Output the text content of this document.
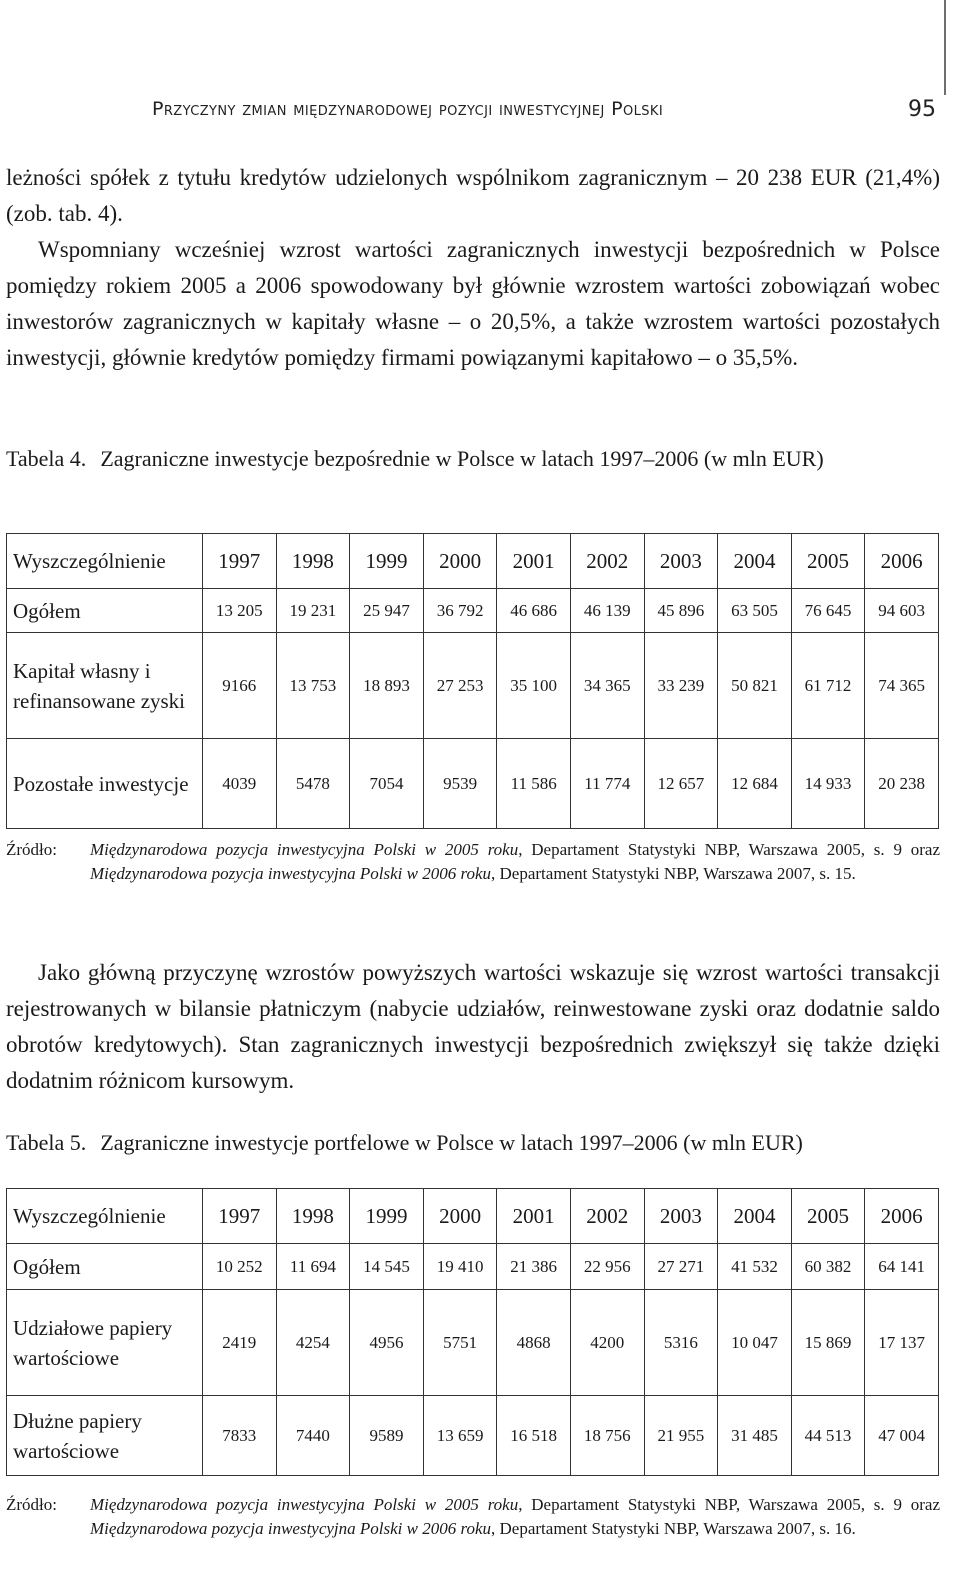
Przyczyny zmian międzynarodowej pozycji inwestycyjnej Polski	95

leżności spółek z tytułu kredytów udzielonych wspólnikom zagranicznym – 20 238 EUR (21,4%) (zob. tab. 4).

Wspomniany wcześniej wzrost wartości zagranicznych inwestycji bezpośrednich w Polsce pomiędzy rokiem 2005 a 2006 spowodowany był głównie wzrostem wartości zobowiązań wobec inwestorów zagranicznych w kapitały własne – o 20,5%, a także wzrostem wartości pozostałych inwestycji, głównie kredytów pomiędzy firmami powiązanymi kapitałowo – o 35,5%.

Tabela 4. Zagraniczne inwestycje bezpośrednie w Polsce w latach 1997–2006 (w mln EUR)
Wyszczególnienie	1997	1998	1999	2000	2001	2002	2003	2004	2005	2006
Ogółem	13 205	19 231	25 947	36 792	46 686	46 139	45 896	63 505	76 645	94 603
Kapitał własny i refinansowane zyski	9166	13 753	18 893	27 253	35 100	34 365	33 239	50 821	61 712	74 365
Pozostałe inwestycje	4039	5478	7054	9539	11 586	11 774	12 657	12 684	14 933	20 238
Źródło:	Międzynarodowa pozycja inwestycyjna Polski w 2005 roku, Departament Statystyki NBP, Warszawa 2005, s. 9 oraz Międzynarodowa pozycja inwestycyjna Polski w 2006 roku, Departament Statystyki NBP, Warszawa 2007, s. 15.

Jako główną przyczynę wzrostów powyższych wartości wskazuje się wzrost wartości transakcji rejestrowanych w bilansie płatniczym (nabycie udziałów, reinwestowane zyski oraz dodatnie saldo obrotów kredytowych). Stan zagranicznych inwestycji bezpośrednich zwiększył się także dzięki dodatnim różnicom kursowym.

Tabela 5. Zagraniczne inwestycje portfelowe w Polsce w latach 1997–2006 (w mln EUR)
Wyszczególnienie	1997	1998	1999	2000	2001	2002	2003	2004	2005	2006
Ogółem	10 252	11 694	14 545	19 410	21 386	22 956	27 271	41 532	60 382	64 141
Udziałowe papiery wartościowe	2419	4254	4956	5751	4868	4200	5316	10 047	15 869	17 137
Dłużne papiery wartościowe	7833	7440	9589	13 659	16 518	18 756	21 955	31 485	44 513	47 004
Źródło:	Międzynarodowa pozycja inwestycyjna Polski w 2005 roku, Departament Statystyki NBP, Warszawa 2005, s. 9 oraz Międzynarodowa pozycja inwestycyjna Polski w 2006 roku, Departament Statystyki NBP, Warszawa 2007, s. 16.
